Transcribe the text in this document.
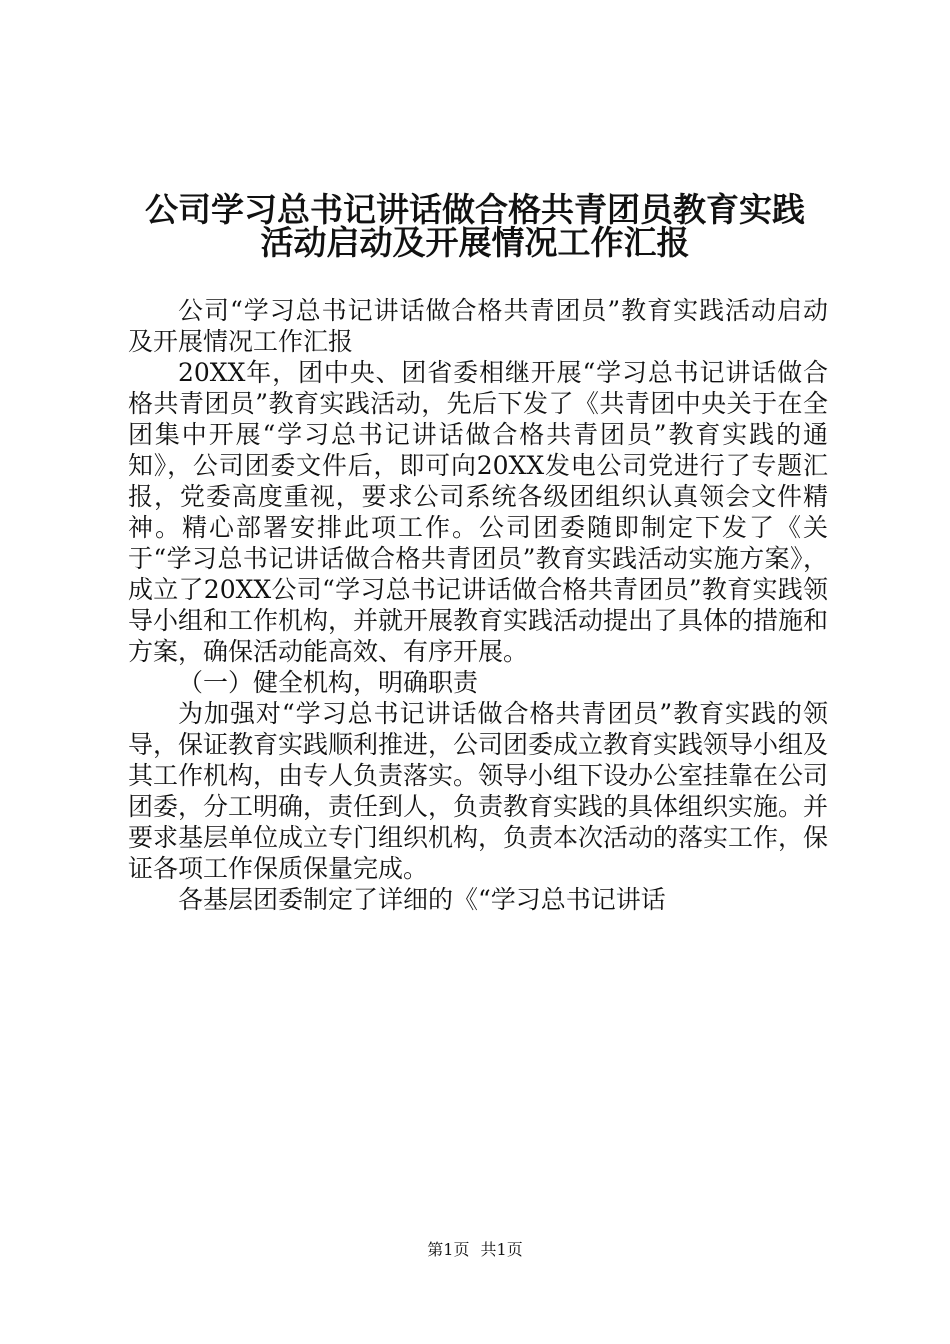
公司学习总书记讲话做合格共青团员教育实践
活动启动及开展情况工作汇报

公司“学习总书记讲话做合格共青团员”教育实践活动启动及开展情况工作汇报

20XX年，团中央、团省委相继开展“学习总书记讲话做合格共青团员”教育实践活动，先后下发了《共青团中央关于在全团集中开展“学习总书记讲话做合格共青团员”教育实践的通知》，公司团委文件后，即可向20XX发电公司党进行了专题汇报，党委高度重视，要求公司系统各级团组织认真领会文件精神。精心部署安排此项工作。公司团委随即制定下发了《关于“学习总书记讲话做合格共青团员”教育实践活动实施方案》，成立了20XX公司“学习总书记讲话做合格共青团员”教育实践领导小组和工作机构，并就开展教育实践活动提出了具体的措施和方案，确保活动能高效、有序开展。

（一）健全机构，明确职责

为加强对“学习总书记讲话做合格共青团员”教育实践的领导，保证教育实践顺利推进，公司团委成立教育实践领导小组及其工作机构，由专人负责落实。领导小组下设办公室挂靠在公司团委，分工明确，责任到人，负责教育实践的具体组织实施。并要求基层单位成立专门组织机构，负责本次活动的落实工作，保证各项工作保质保量完成。

各基层团委制定了详细的《“学习总书记讲话

第1页 共1页
